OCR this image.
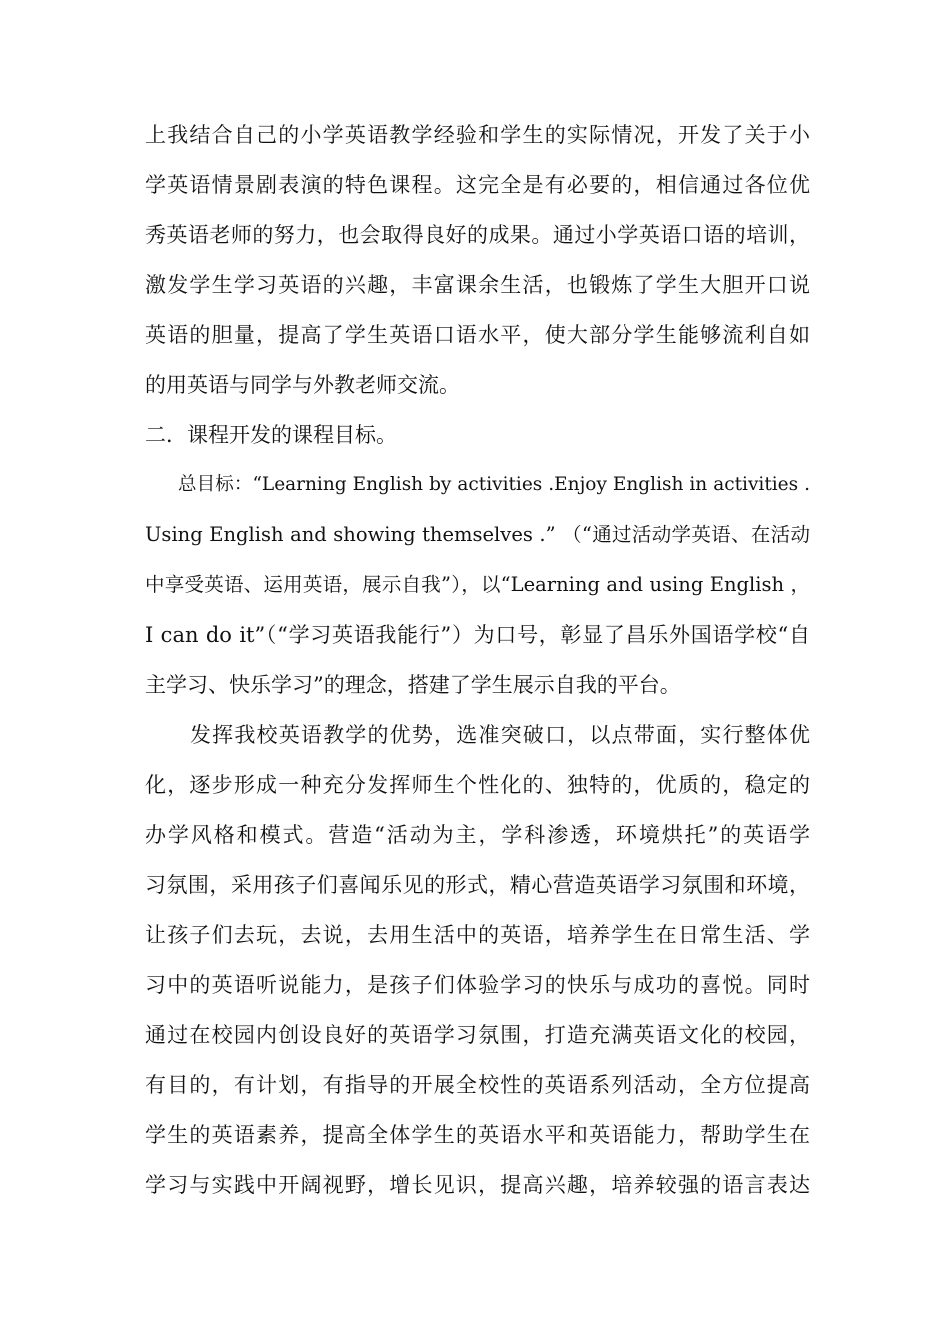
上我结合自己的小学英语教学经验和学生的实际情况，开发了关于小
学英语情景剧表演的特色课程。这完全是有必要的，相信通过各位优
秀英语老师的努力，也会取得良好的成果。通过小学英语口语的培训，
激发学生学习英语的兴趣，丰富课余生活，也锻炼了学生大胆开口说
英语的胆量，提高了学生英语口语水平，使大部分学生能够流利自如
的用英语与同学与外教老师交流。
二．课程开发的课程目标。
总目标：“Learning English by activities .Enjoy English in activities .
Using English and showing themselves .” （“通过活动学英语、在活动
中享受英语、运用英语，展示自我”），以“Learning and using English ，
I can do it”（“学习英语我能行”）为口号，彰显了昌乐外国语学校“自
主学习、快乐学习”的理念，搭建了学生展示自我的平台。
发挥我校英语教学的优势，选准突破口，以点带面，实行整体优
化，逐步形成一种充分发挥师生个性化的、独特的，优质的，稳定的
办学风格和模式。营造“活动为主，学科渗透，环境烘托”的英语学
习氛围，采用孩子们喜闻乐见的形式，精心营造英语学习氛围和环境，
让孩子们去玩，去说，去用生活中的英语，培养学生在日常生活、学
习中的英语听说能力，是孩子们体验学习的快乐与成功的喜悦。同时
通过在校园内创设良好的英语学习氛围，打造充满英语文化的校园，
有目的，有计划，有指导的开展全校性的英语系列活动，全方位提高
学生的英语素养，提高全体学生的英语水平和英语能力，帮助学生在
学习与实践中开阔视野，增长见识，提高兴趣，培养较强的语言表达
